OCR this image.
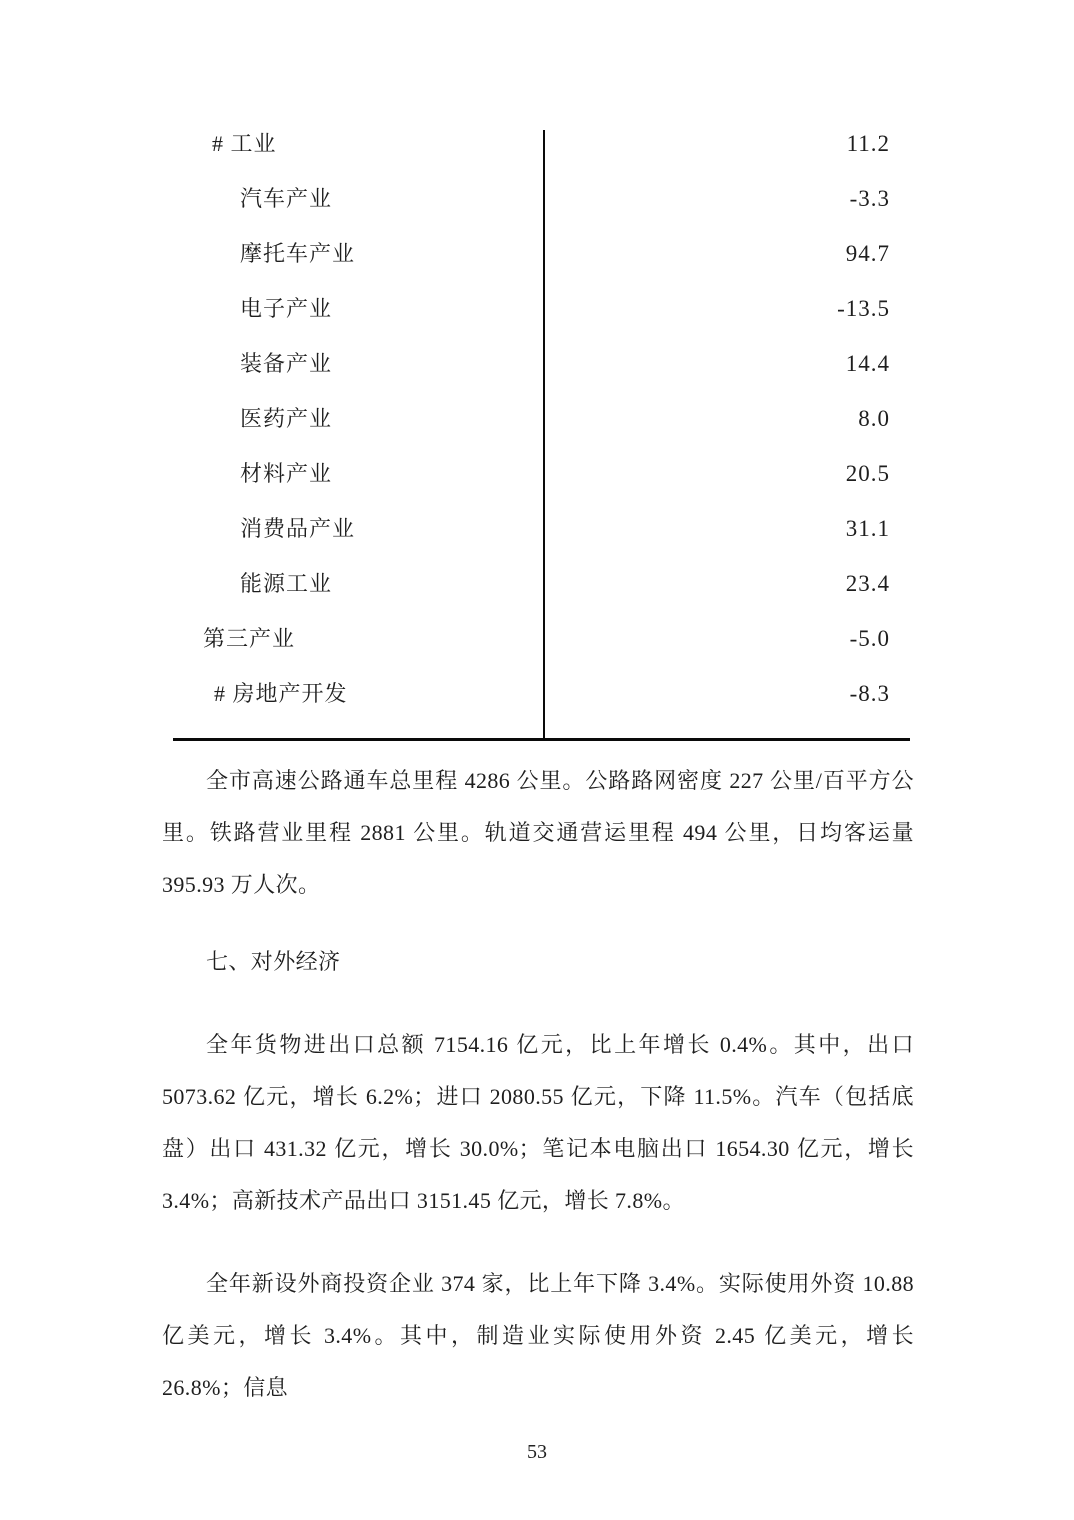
# 工业	11.2
汽车产业	-3.3
摩托车产业	94.7
电子产业	-13.5
装备产业	14.4
医药产业	8.0
材料产业	20.5
消费品产业	31.1
能源工业	23.4
第三产业	-5.0
# 房地产开发	-8.3

全市高速公路通车总里程 4286 公里。公路路网密度 227 公里/百平方公里。铁路营业里程 2881 公里。轨道交通营运里程 494 公里，日均客运量 395.93 万人次。

七、对外经济

全年货物进出口总额 7154.16 亿元，比上年增长 0.4%。其中，出口 5073.62 亿元，增长 6.2%；进口 2080.55 亿元，下降 11.5%。汽车（包括底盘）出口 431.32 亿元，增长 30.0%；笔记本电脑出口 1654.30 亿元，增长 3.4%；高新技术产品出口 3151.45 亿元，增长 7.8%。

全年新设外商投资企业 374 家，比上年下降 3.4%。实际使用外资 10.88 亿美元，增长 3.4%。其中，制造业实际使用外资 2.45 亿美元，增长 26.8%；信息

53
